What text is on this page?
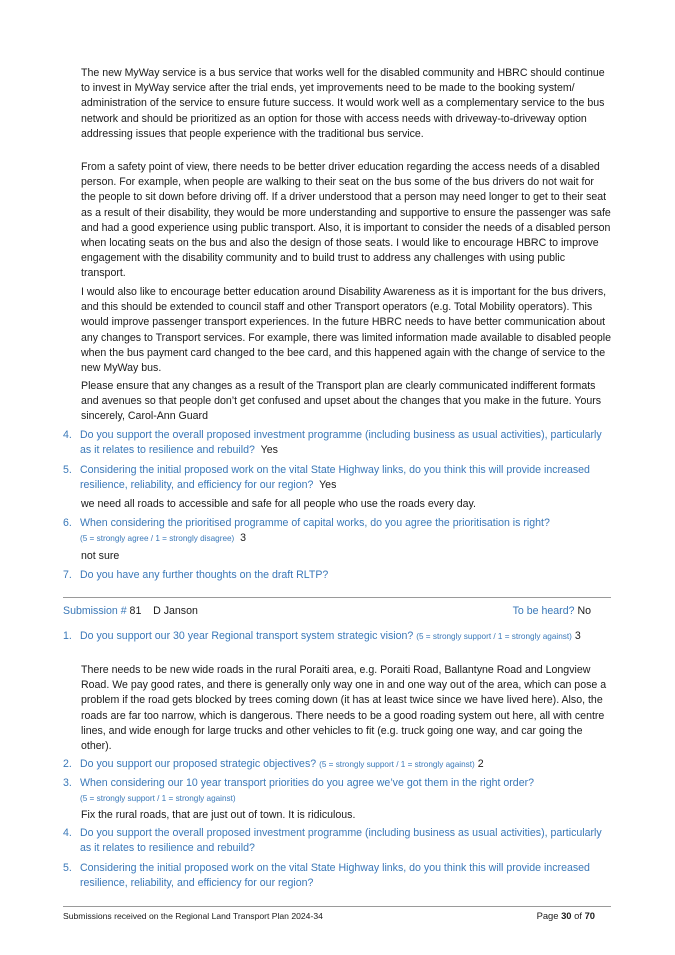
The new MyWay service is a bus service that works well for the disabled community and HBRC should continue to invest in MyWay service after the trial ends, yet improvements need to be made to the booking system/ administration of the service to ensure future success. It would work well as a complementary service to the bus network and should be prioritized as an option for those with access needs with driveway-to-driveway option addressing issues that people experience with the traditional bus service.

From a safety point of view, there needs to be better driver education regarding the access needs of a disabled person. For example, when people are walking to their seat on the bus some of the bus drivers do not wait for the people to sit down before driving off. If a driver understood that a person may need longer to get to their seat as a result of their disability, they would be more understanding and supportive to ensure the passenger was safe and had a good experience using public transport. Also, it is important to consider the needs of a disabled person when locating seats on the bus and also the design of those seats. I would like to encourage HBRC to improve engagement with the disability community and to build trust to address any challenges with using public transport.

I would also like to encourage better education around Disability Awareness as it is important for the bus drivers, and this should be extended to council staff and other Transport operators (e.g. Total Mobility operators). This would improve passenger transport experiences. In the future HBRC needs to have better communication about any changes to Transport services. For example, there was limited information made available to disabled people when the bus payment card changed to the bee card, and this happened again with the change of service to the new MyWay bus.

Please ensure that any changes as a result of the Transport plan are clearly communicated indifferent formats and avenues so that people don’t get confused and upset about the changes that you make in the future. Yours sincerely, Carol-Ann Guard

4. Do you support the overall proposed investment programme (including business as usual activities), particularly as it relates to resilience and rebuild? Yes
5. Considering the initial proposed work on the vital State Highway links, do you think this will provide increased resilience, reliability, and efficiency for our region? Yes

we need all roads to accessible and safe for all people who use the roads every day.

6. When considering the prioritised programme of capital works, do you agree the prioritisation is right?
(5 = strongly agree / 1 = strongly disagree) 3

not sure

7. Do you have any further thoughts on the draft RLTP?
Submission # 81 D Janson	To be heard? No
1. Do you support our 30 year Regional transport system strategic vision? (5 = strongly support / 1 = strongly against) 3

There needs to be new wide roads in the rural Poraiti area, e.g. Poraiti Road, Ballantyne Road and Longview Road. We pay good rates, and there is generally only way one in and one way out of the area, which can pose a problem if the road gets blocked by trees coming down (it has at least twice since we have lived here). Also, the roads are far too narrow, which is dangerous. There needs to be a good roading system out here, all with centre lines, and wide enough for large trucks and other vehicles to fit (e.g. truck going one way, and car going the other).

2. Do you support our proposed strategic objectives? (5 = strongly support / 1 = strongly against) 2
3. When considering our 10 year transport priorities do you agree we’ve got them in the right order?
(5 = strongly support / 1 = strongly against)

Fix the rural roads, that are just out of town. It is ridiculous.

4. Do you support the overall proposed investment programme (including business as usual activities), particularly as it relates to resilience and rebuild?
5. Considering the initial proposed work on the vital State Highway links, do you think this will provide increased resilience, reliability, and efficiency for our region?
Submissions received on the Regional Land Transport Plan 2024-34	Page 30 of 70
